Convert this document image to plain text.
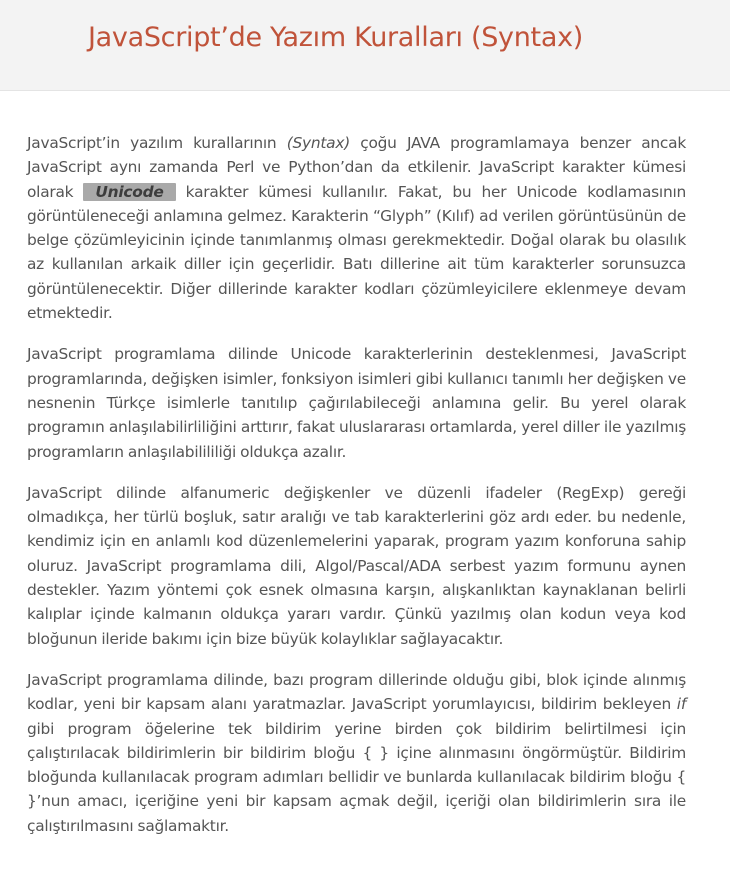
JavaScript’de Yazım Kuralları (Syntax)

JavaScript’in yazılım kurallarının (Syntax) çoğu JAVA programlamaya benzer ancak JavaScript aynı zamanda Perl ve Python’dan da etkilenir. JavaScript karakter kümesi olarak Unicode karakter kümesi kullanılır. Fakat, bu her Unicode kodlamasının görüntüleneceği anlamına gelmez. Karakterin “Glyph” (Kılıf) ad verilen görüntüsünün de belge çözümleyicinin içinde tanımlanmış olması gerekmektedir. Doğal olarak bu olasılık az kullanılan arkaik diller için geçerlidir. Batı dillerine ait tüm karakterler sorunsuzca görüntülenecektir. Diğer dillerinde karakter kodları çözümleyicilere eklenmeye devam etmektedir.

JavaScript programlama dilinde Unicode karakterlerinin desteklenmesi, JavaScript programlarında, değişken isimler, fonksiyon isimleri gibi kullanıcı tanımlı her değişken ve nesnenin Türkçe isimlerle tanıtılıp çağırılabileceği anlamına gelir. Bu yerel olarak programın anlaşılabilirliliğini arttırır, fakat uluslararası ortamlarda, yerel diller ile yazılmış programların anlaşılabilililiği oldukça azalır.

JavaScript dilinde alfanumeric değişkenler ve düzenli ifadeler (RegExp) gereği olmadıkça, her türlü boşluk, satır aralığı ve tab karakterlerini göz ardı eder. bu nedenle, kendimiz için en anlamlı kod düzenlemelerini yaparak, program yazım konforuna sahip oluruz. JavaScript programlama dili, Algol/Pascal/ADA serbest yazım formunu aynen destekler. Yazım yöntemi çok esnek olmasına karşın, alışkanlıktan kaynaklanan belirli kalıplar içinde kalmanın oldukça yararı vardır. Çünkü yazılmış olan kodun veya kod bloğunun ileride bakımı için bize büyük kolaylıklar sağlayacaktır.

JavaScript programlama dilinde, bazı program dillerinde olduğu gibi, blok içinde alınmış kodlar, yeni bir kapsam alanı yaratmazlar. JavaScript yorumlayıcısı, bildirim bekleyen if gibi program öğelerine tek bildirim yerine birden çok bildirim belirtilmesi için çalıştırılacak bildirimlerin bir bildirim bloğu { } içine alınmasını öngörmüştür. Bildirim bloğunda kullanılacak program adımları bellidir ve bunlarda kullanılacak bildirim bloğu { }’nun amacı, içeriğine yeni bir kapsam açmak değil, içeriği olan bildirimlerin sıra ile çalıştırılmasını sağlamaktır.
